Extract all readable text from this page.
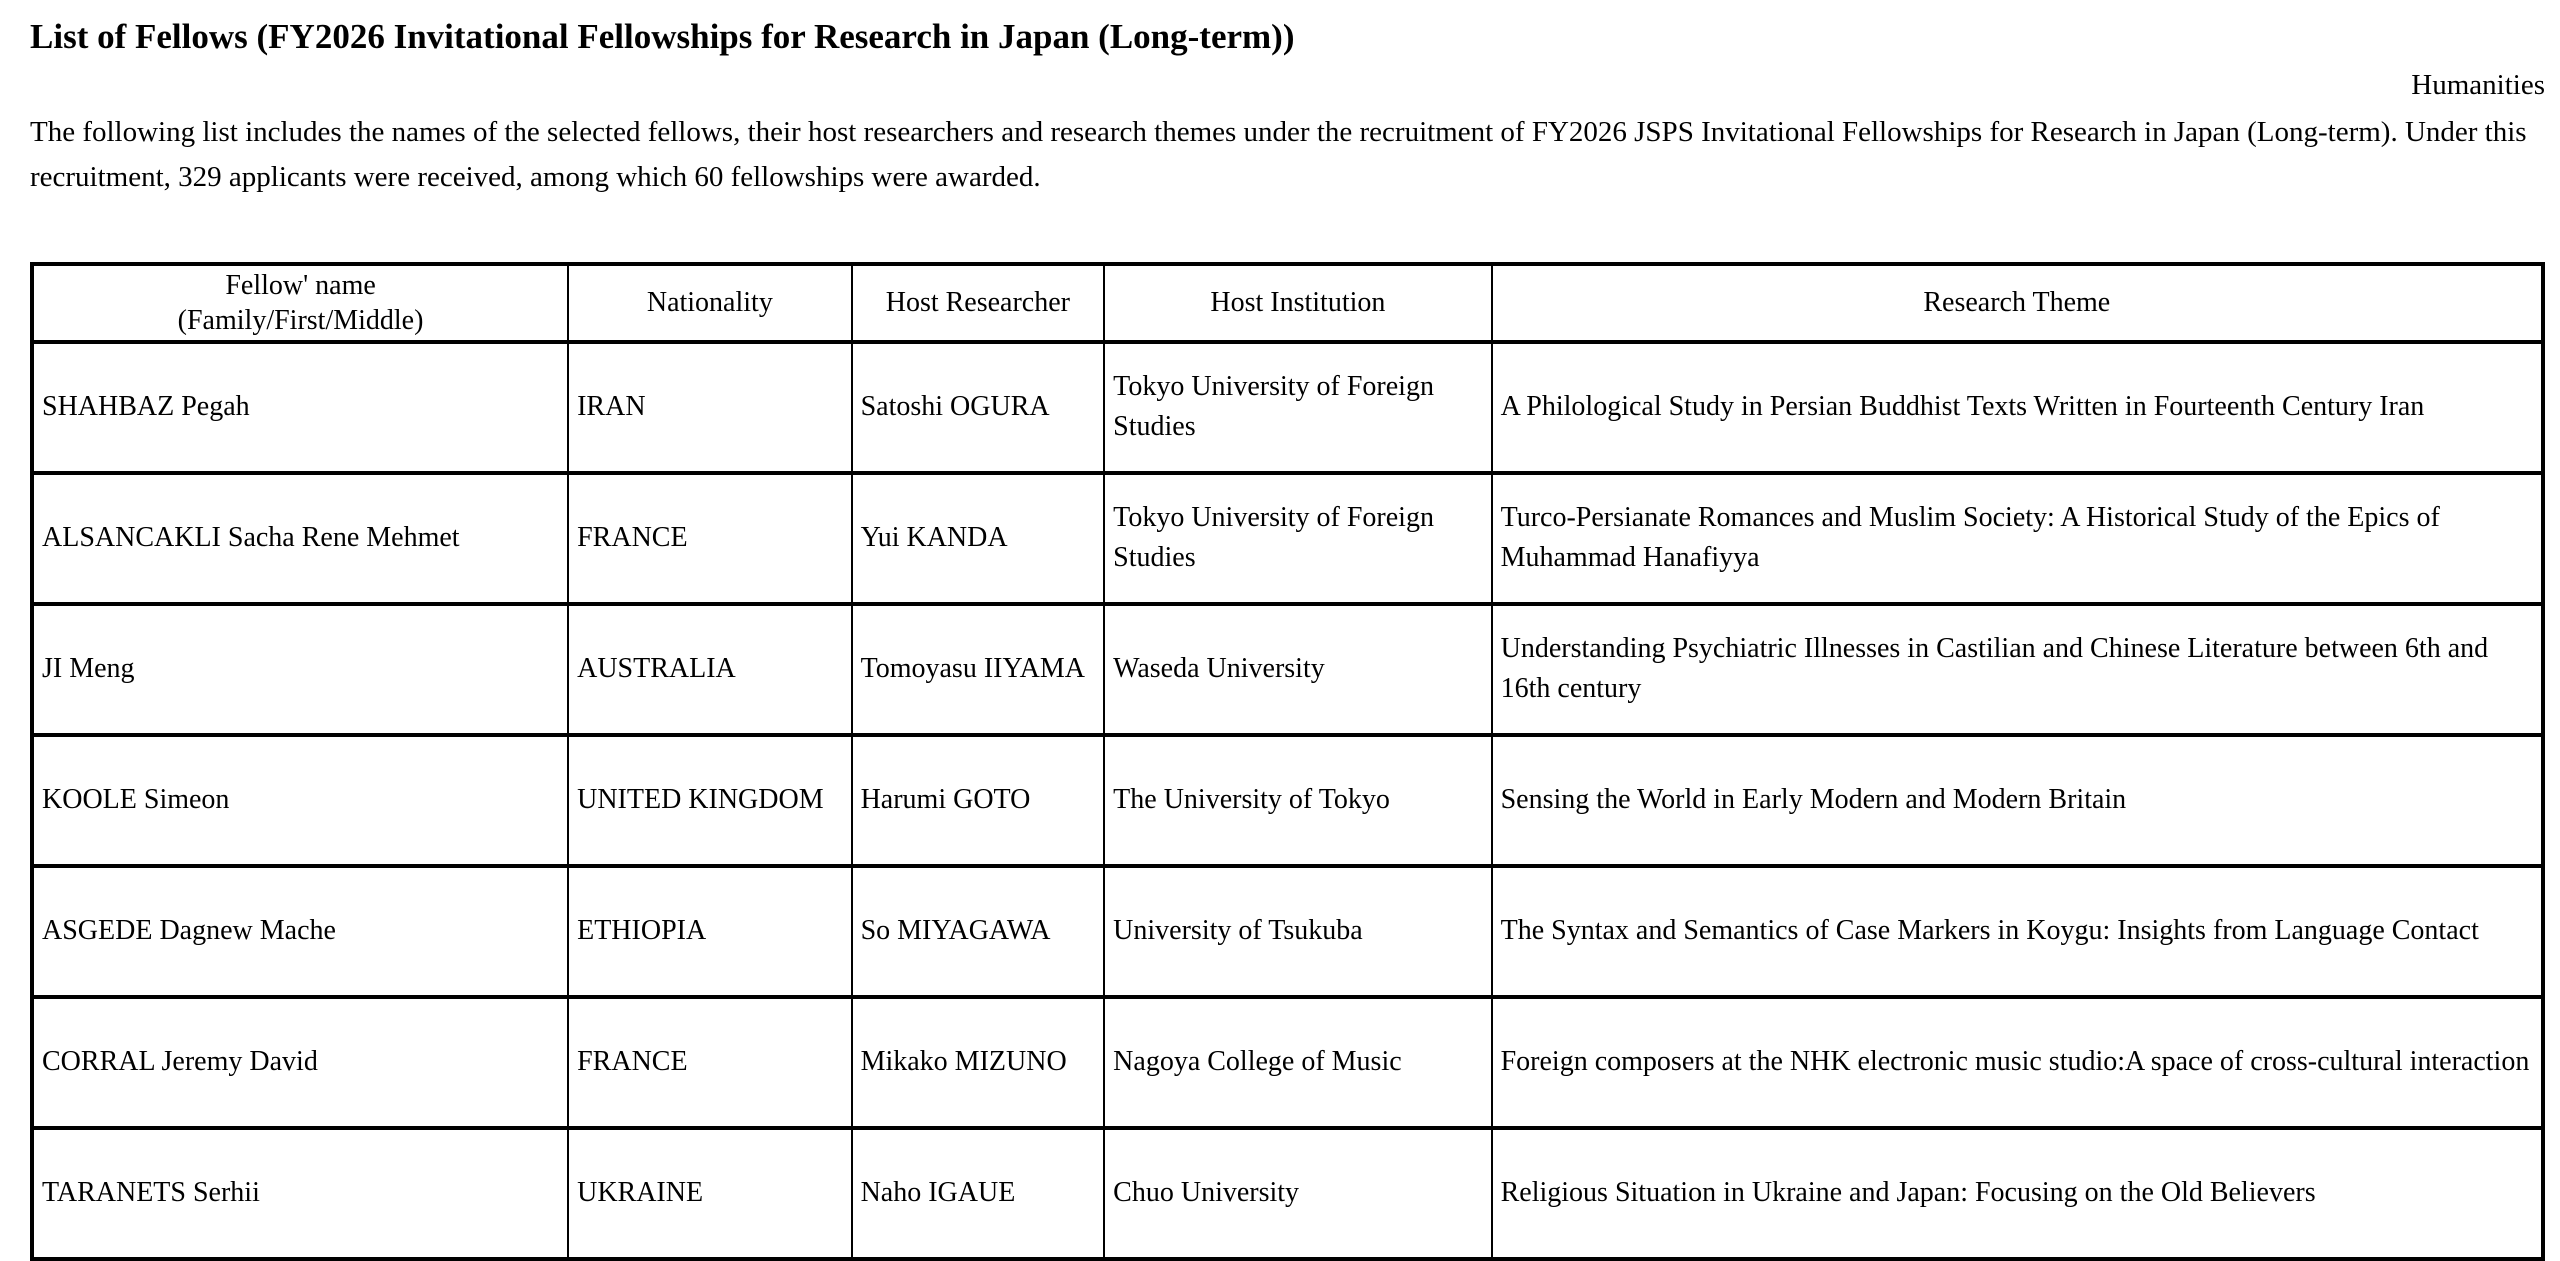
List of Fellows (FY2026 Invitational Fellowships for Research in Japan (Long-term))
Humanities

The following list includes the names of the selected fellows, their host researchers and research themes under the recruitment of FY2026 JSPS Invitational Fellowships for Research in Japan (Long-term). Under this recruitment, 329 applicants were received, among which 60 fellowships were awarded.

Fellow' name
(Family/First/Middle)	Nationality	Host Researcher	Host Institution	Research Theme
SHAHBAZ Pegah	IRAN	Satoshi OGURA	Tokyo University of Foreign Studies	A Philological Study in Persian Buddhist Texts Written in Fourteenth Century Iran
ALSANCAKLI Sacha Rene Mehmet	FRANCE	Yui KANDA	Tokyo University of Foreign Studies	Turco-Persianate Romances and Muslim Society: A Historical Study of the Epics of Muhammad Hanafiyya
JI Meng	AUSTRALIA	Tomoyasu IIYAMA	Waseda University	Understanding Psychiatric Illnesses in Castilian and Chinese Literature between 6th and 16th century
KOOLE Simeon	UNITED KINGDOM	Harumi GOTO	The University of Tokyo	Sensing the World in Early Modern and Modern Britain
ASGEDE Dagnew Mache	ETHIOPIA	So MIYAGAWA	University of Tsukuba	The Syntax and Semantics of Case Markers in Koygu: Insights from Language Contact
CORRAL Jeremy David	FRANCE	Mikako MIZUNO	Nagoya College of Music	Foreign composers at the NHK electronic music studio:A space of cross-cultural interaction
TARANETS Serhii	UKRAINE	Naho IGAUE	Chuo University	Religious Situation in Ukraine and Japan: Focusing on the Old Believers
